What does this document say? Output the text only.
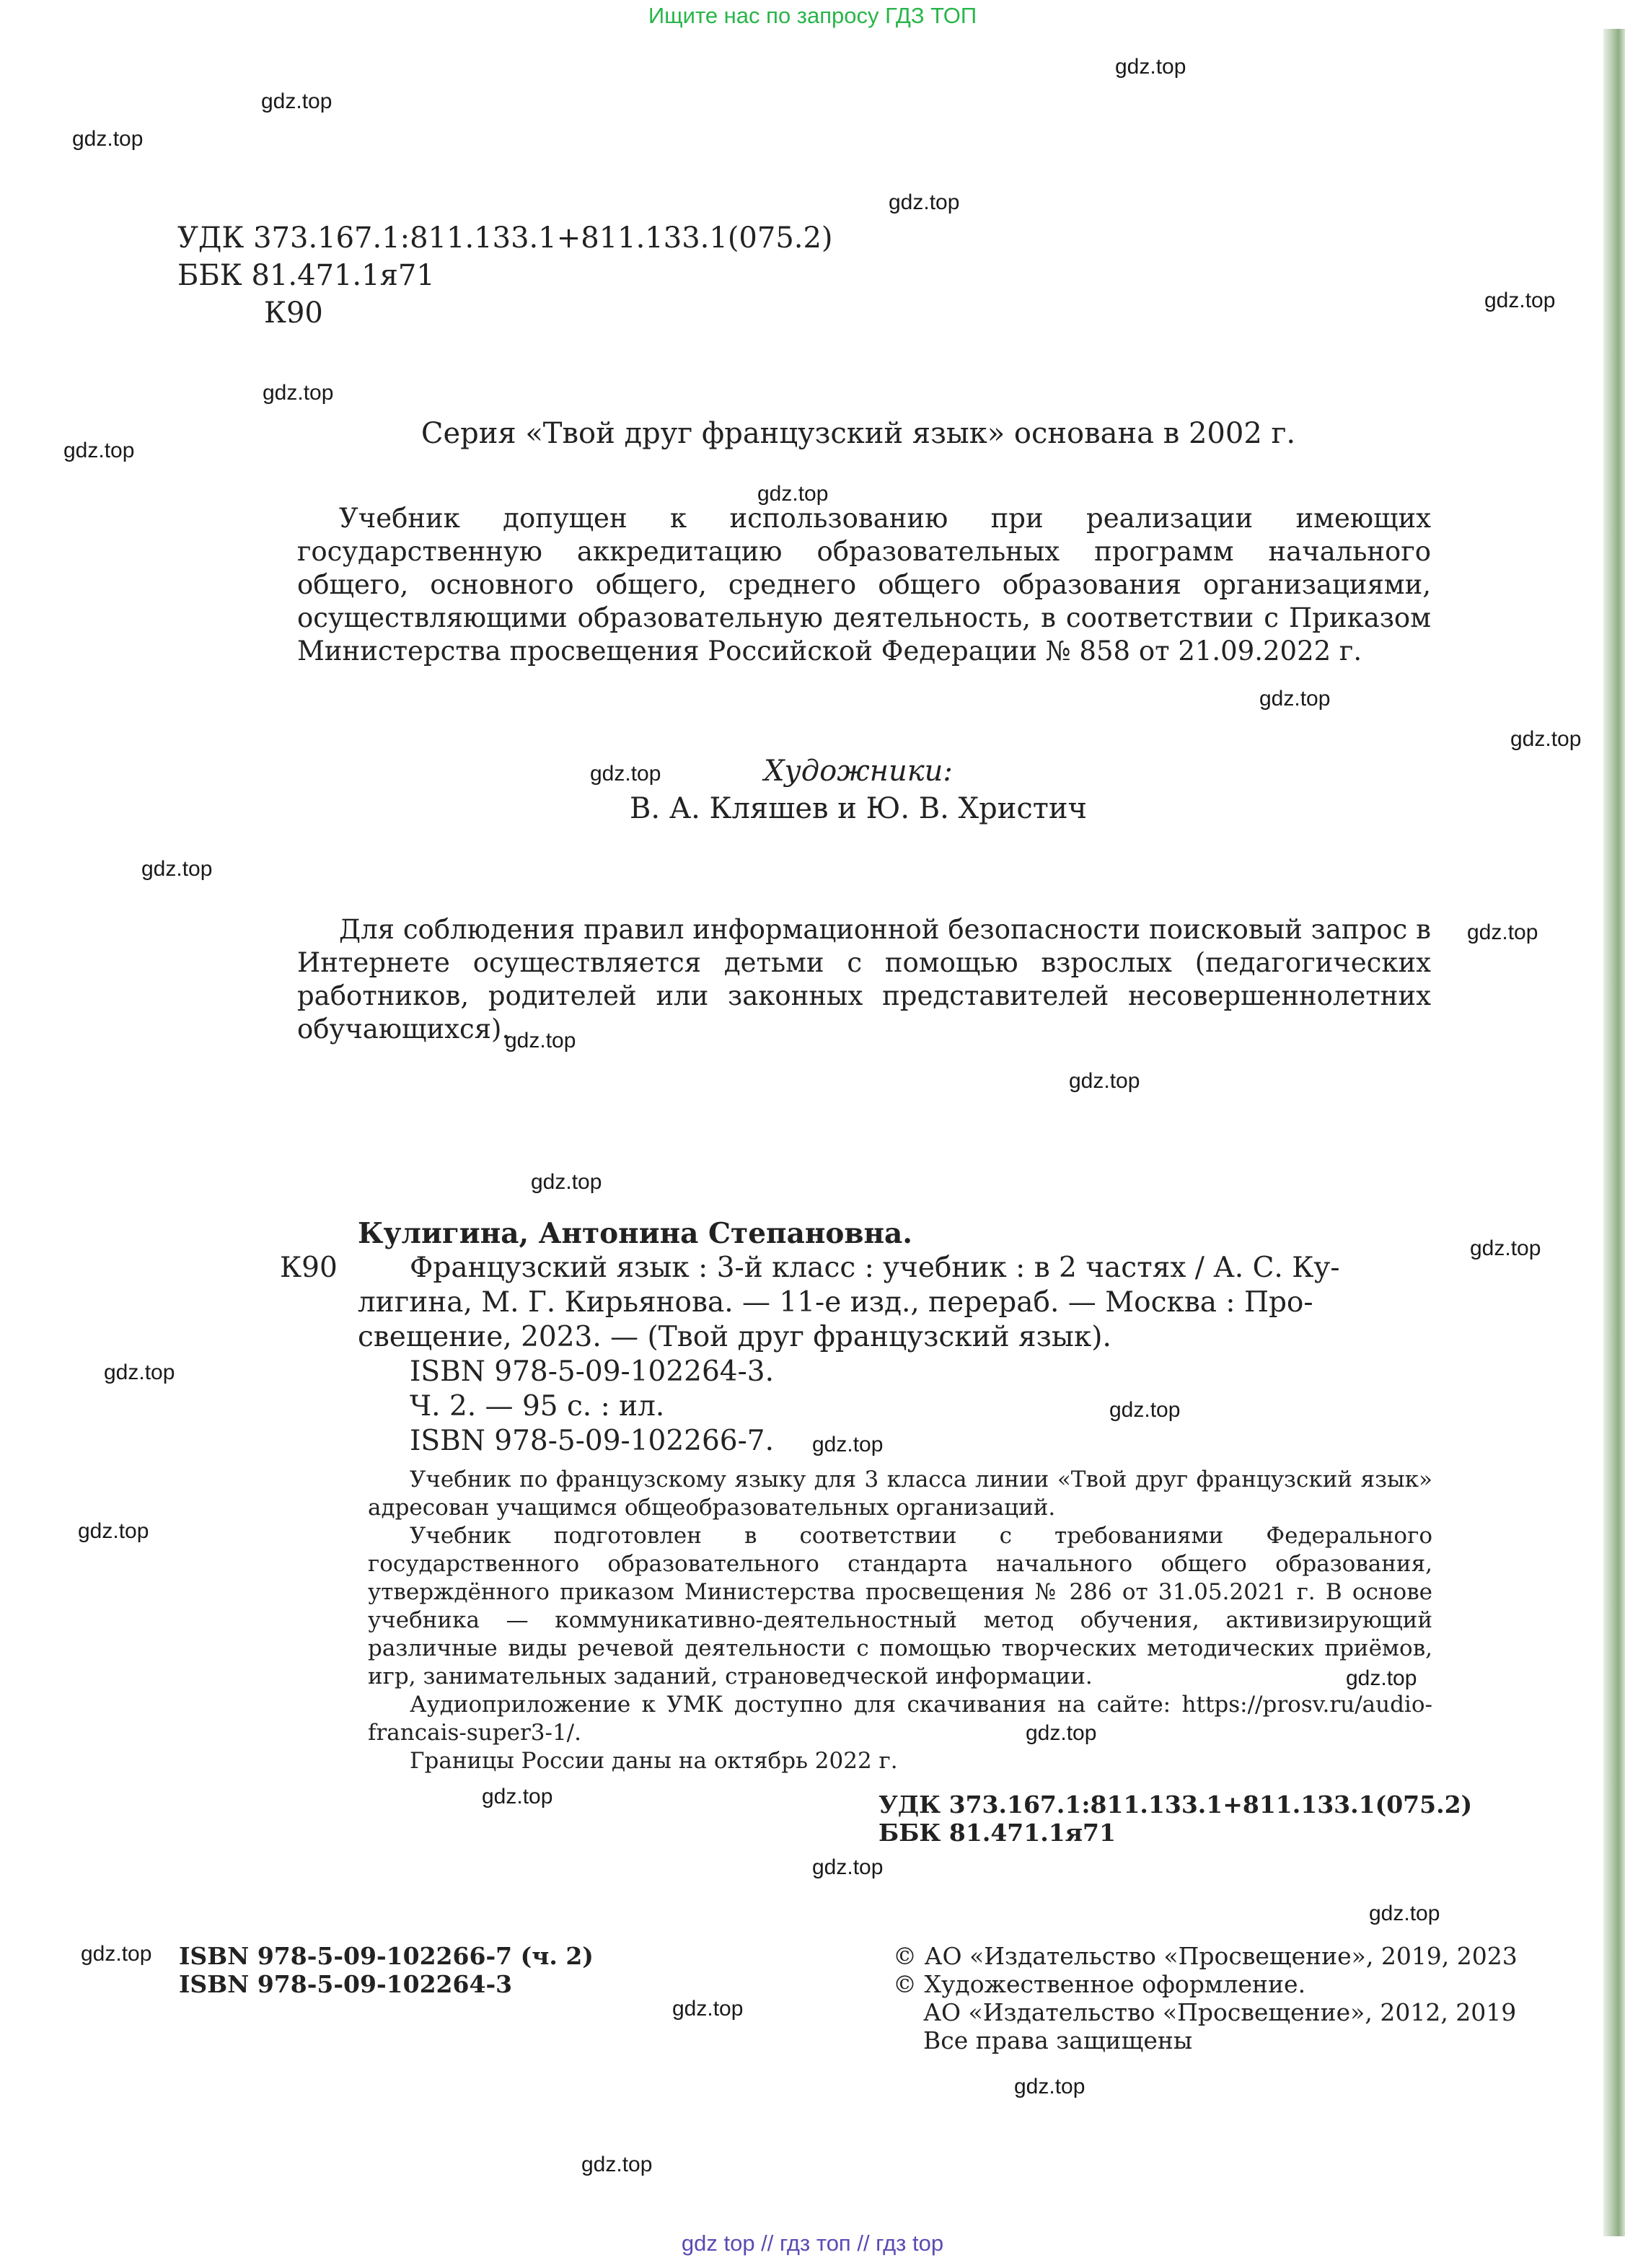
Ищите нас по запросу ГДЗ ТОП
УДК 373.167.1:811.133.1+811.133.1(075.2)
ББК 81.471.1я71
К90
Серия «Твой друг французский язык» основана в 2002 г.

Учебник допущен к использованию при реализации имеющих государственную аккредитацию образовательных программ начального общего, основного общего, среднего общего образования организациями, осуществляющими образовательную деятельность, в соответствии с Приказом Министерства просвещения Российской Федерации № 858 от 21.09.2022 г.

Художники:
В. А. Кляшев и Ю. В. Христич

Для соблюдения правил информационной безопасности поисковый запрос в Интернете осуществляется детьми с помощью взрослых (педагогических работников, родителей или законных представителей несовершеннолетних обучающихся).

Кулигина, Антонина Степановна.
К90	Французский язык : 3-й класс : учебник : в 2 частях / А. С. Ку-
лигина, М. Г. Кирьянова. — 11-е изд., перераб. — Москва : Про-
свещение, 2023. — (Твой друг французский язык).
ISBN 978-5-09-102264-3.
Ч. 2. — 95 с. : ил.
ISBN 978-5-09-102266-7.

Учебник по французскому языку для 3 класса линии «Твой друг французский язык» адресован учащимся общеобразовательных организаций.

Учебник подготовлен в соответствии с требованиями Федерального государственного образовательного стандарта начального общего образования, утверждённого приказом Министерства просвещения № 286 от 31.05.2021 г. В основе учебника — коммуникативно-деятельностный метод обучения, активизирующий различные виды речевой деятельности с помощью творческих методических приёмов, игр, занимательных заданий, страноведческой информации.

Аудиоприложение к УМК доступно для скачивания на сайте: https://prosv.ru/audio-francais-super3-1/.

Границы России даны на октябрь 2022 г.

УДК 373.167.1:811.133.1+811.133.1(075.2)
ББК 81.471.1я71
ISBN 978-5-09-102266-7 (ч. 2)
ISBN 978-5-09-102264-3
© АО «Издательство «Просвещение», 2019, 2023
© Художественное оформление.
АО «Издательство «Просвещение», 2012, 2019
Все права защищены
gdz.top
gdz.top
gdz.top
gdz.top
gdz.top
gdz.top
gdz.top
gdz.top
gdz.top
gdz.top
gdz.top
gdz.top
gdz.top
gdz.top
gdz.top
gdz.top
gdz.top
gdz.top
gdz.top
gdz.top
gdz.top
gdz.top
gdz.top
gdz.top
gdz.top
gdz.top
gdz.top
gdz.top
gdz.top
gdz.top
gdz top // гдз топ // гдз top
